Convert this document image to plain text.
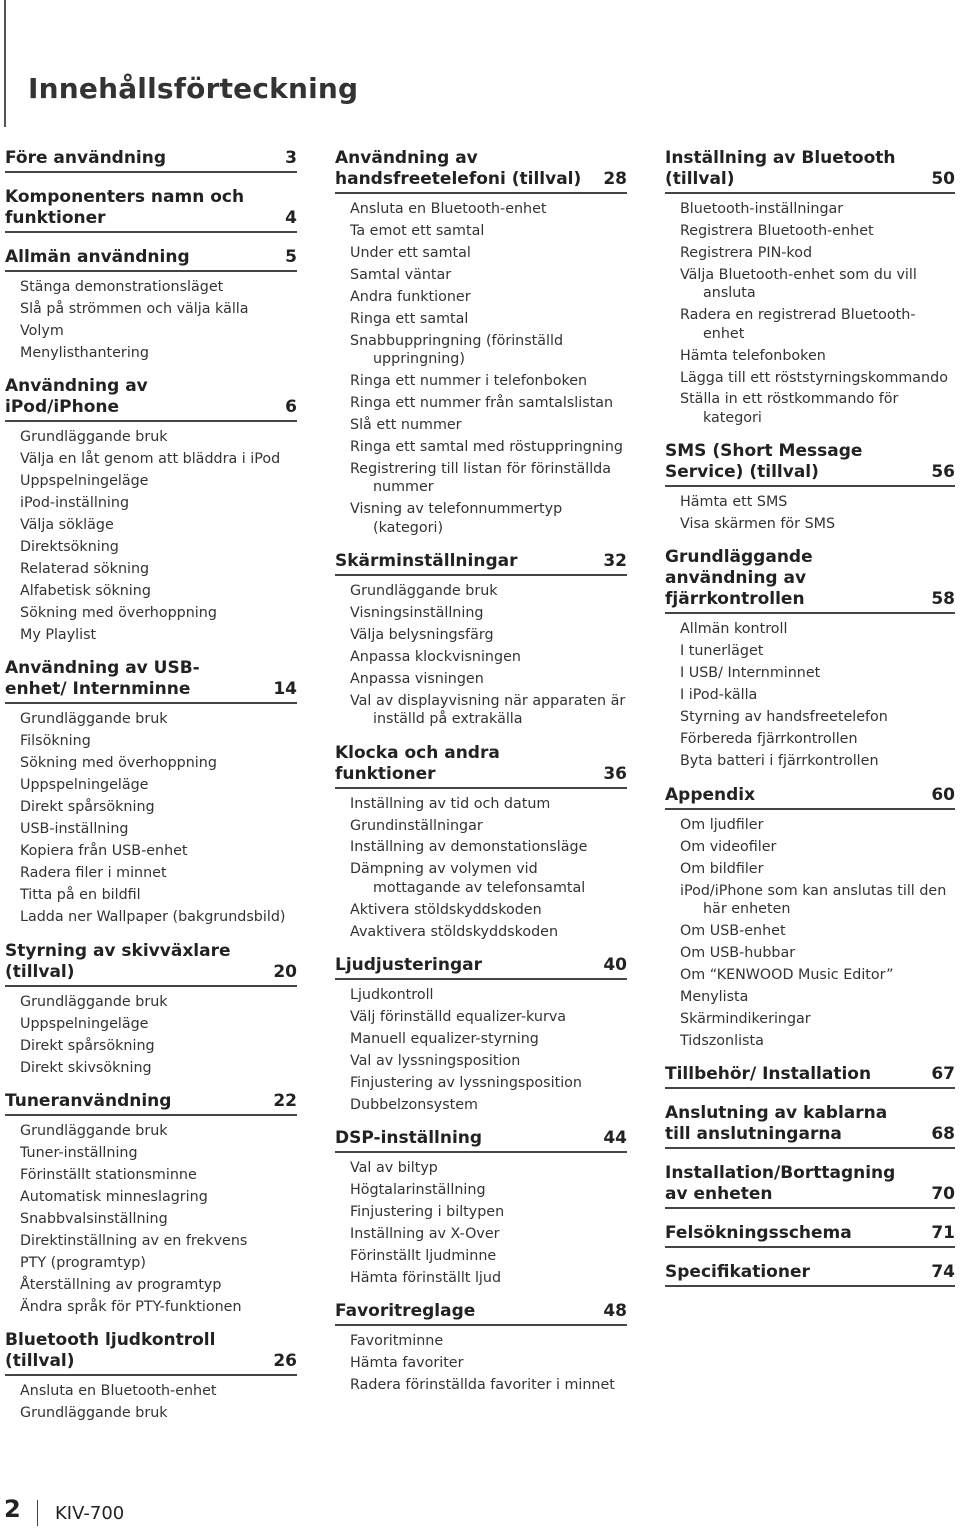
Innehållsförteckning
Före användning	3
Komponenters namn och funktioner	4
Allmän användning	5
Stänga demonstrationsläget
Slå på strömmen och välja källa
Volym
Menylisthantering
Användning av iPod/iPhone	6
Grundläggande bruk
Välja en låt genom att bläddra i iPod
Uppspelningeläge
iPod-inställning
Välja sökläge
Direktsökning
Relaterad sökning
Alfabetisk sökning
Sökning med överhoppning
My Playlist
Användning av USB-enhet/ Internminne	14
Grundläggande bruk
Filsökning
Sökning med överhoppning
Uppspelningeläge
Direkt spårsökning
USB-inställning
Kopiera från USB-enhet
Radera filer i minnet
Titta på en bildfil
Ladda ner Wallpaper (bakgrundsbild)
Styrning av skivväxlare (tillval)	20
Grundläggande bruk
Uppspelningeläge
Direkt spårsökning
Direkt skivsökning
Tuneranvändning	22
Grundläggande bruk
Tuner-inställning
Förinställt stationsminne
Automatisk minneslagring
Snabbvalsinställning
Direktinställning av en frekvens
PTY (programtyp)
Återställning av programtyp
Ändra språk för PTY-funktionen
Bluetooth ljudkontroll (tillval)	26
Ansluta en Bluetooth-enhet
Grundläggande bruk
Användning av handsfreetelefoni (tillval)	28
Ansluta en Bluetooth-enhet
Ta emot ett samtal
Under ett samtal
Samtal väntar
Andra funktioner
Ringa ett samtal
Snabbuppringning (förinställd uppringning)
Ringa ett nummer i telefonboken
Ringa ett nummer från samtalslistan
Slå ett nummer
Ringa ett samtal med röstuppringning
Registrering till listan för förinställda nummer
Visning av telefonnummertyp (kategori)
Skärminställningar	32
Grundläggande bruk
Visningsinställning
Välja belysningsfärg
Anpassa klockvisningen
Anpassa visningen
Val av displayvisning när apparaten är inställd på extrakälla
Klocka och andra funktioner	36
Inställning av tid och datum
Grundinställningar
Inställning av demonstationsläge
Dämpning av volymen vid mottagande av telefonsamtal
Aktivera stöldskyddskoden
Avaktivera stöldskyddskoden
Ljudjusteringar	40
Ljudkontroll
Välj förinställd equalizer-kurva
Manuell equalizer-styrning
Val av lyssningsposition
Finjustering av lyssningsposition
Dubbelzonsystem
DSP-inställning	44
Val av biltyp
Högtalarinställning
Finjustering i biltypen
Inställning av X-Over
Förinställt ljudminne
Hämta förinställt ljud
Favoritreglage	48
Favoritminne
Hämta favoriter
Radera förinställda favoriter i minnet
Inställning av Bluetooth (tillval)	50
Bluetooth-inställningar
Registrera Bluetooth-enhet
Registrera PIN-kod
Välja Bluetooth-enhet som du vill ansluta
Radera en registrerad Bluetooth-enhet
Hämta telefonboken
Lägga till ett röststyrningskommando
Ställa in ett röstkommando för kategori
SMS (Short Message Service) (tillval)	56
Hämta ett SMS
Visa skärmen för SMS
Grundläggande användning av fjärrkontrollen	58
Allmän kontroll
I tunerläget
I USB/ Internminnet
I iPod-källa
Styrning av handsfreetelefon
Förbereda fjärrkontrollen
Byta batteri i fjärrkontrollen
Appendix	60
Om ljudfiler
Om videofiler
Om bildfiler
iPod/iPhone som kan anslutas till den här enheten
Om USB-enhet
Om USB-hubbar
Om “KENWOOD Music Editor”
Menylista
Skärmindikeringar
Tidszonlista
Tillbehör/ Installation	67
Anslutning av kablarna till anslutningarna	68
Installation/Borttagning av enheten	70
Felsökningsschema	71
Specifikationer	74
2 KIV-700
